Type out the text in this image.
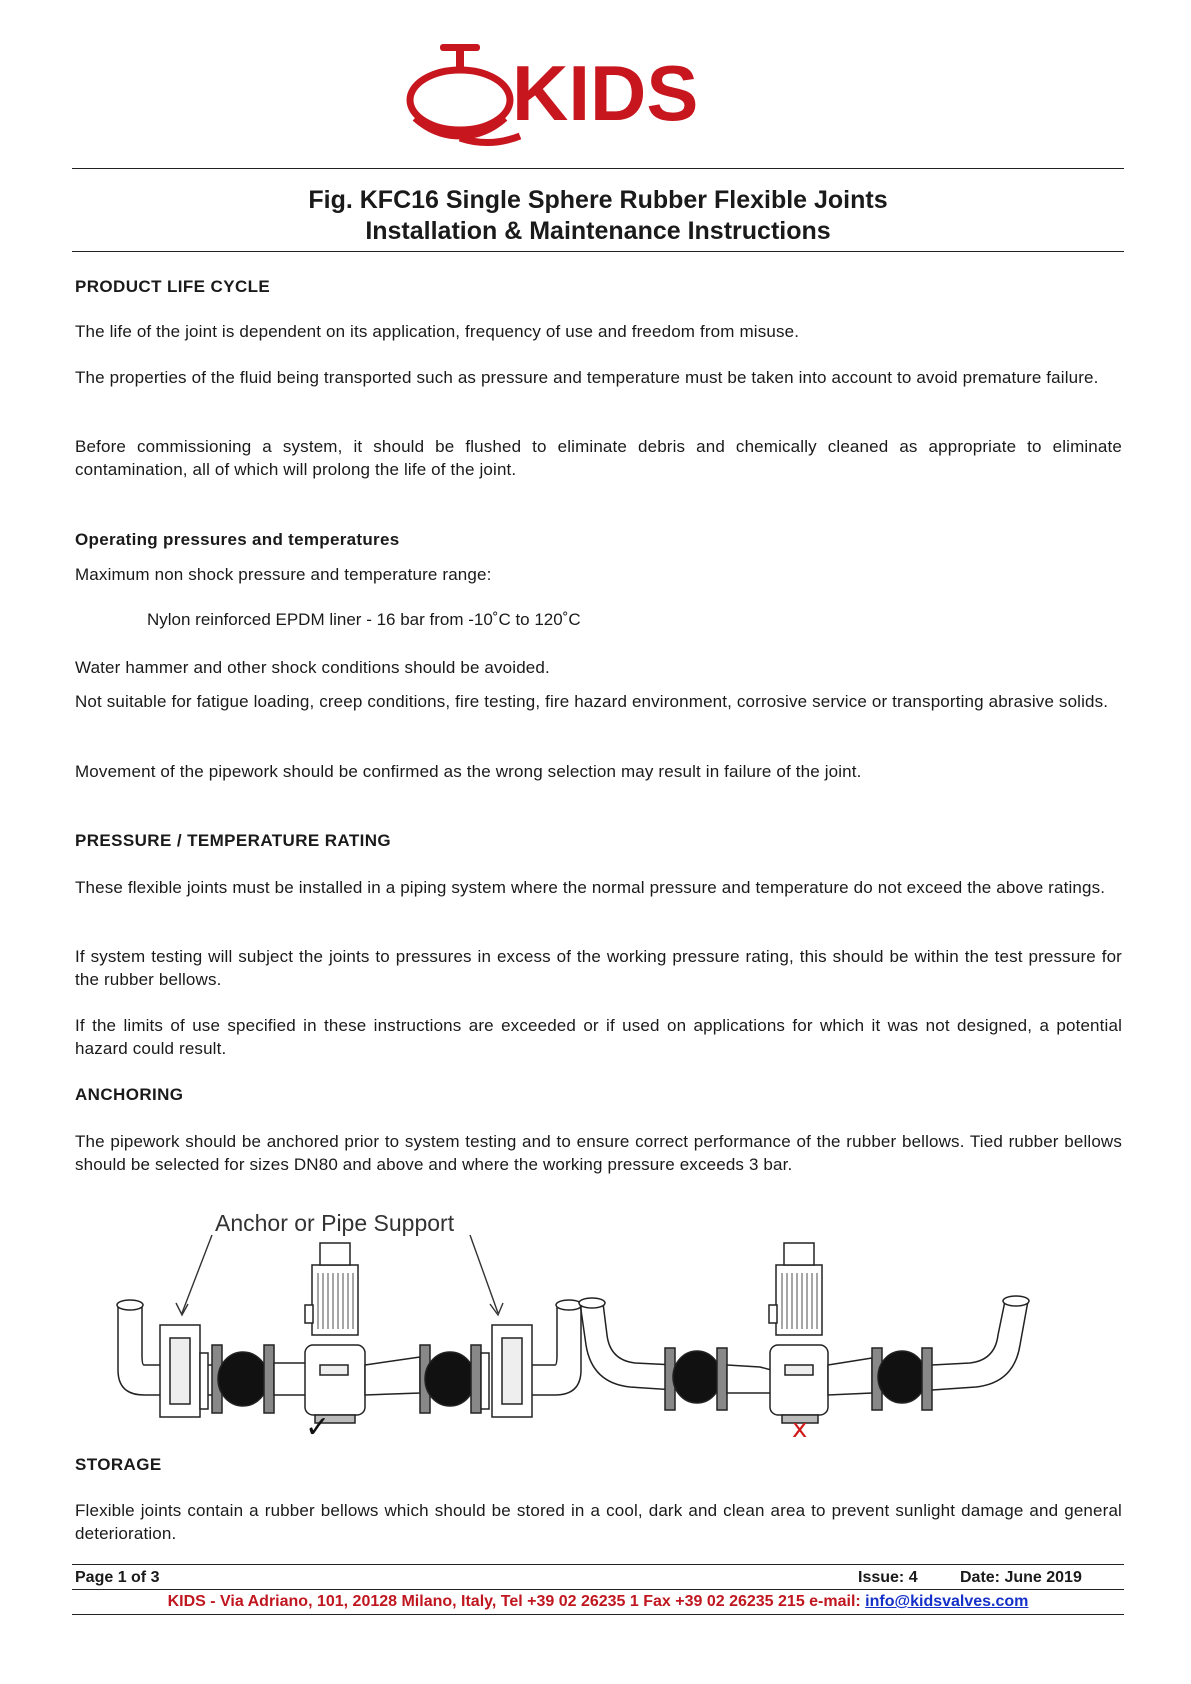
KIDS
Fig. KFC16 Single Sphere Rubber Flexible Joints
Installation & Maintenance Instructions
PRODUCT LIFE CYCLE
The life of the joint is dependent on its application, frequency of use and freedom from misuse.
The properties of the fluid being transported such as pressure and temperature must be taken into account to avoid premature failure.
Before commissioning a system, it should be flushed to eliminate debris and chemically cleaned as appropriate to eliminate contamination, all of which will prolong the life of the joint.
Operating pressures and temperatures
Maximum non shock pressure and temperature range:
Nylon reinforced EPDM liner - 16 bar from -10˚C to 120˚C
Water hammer and other shock conditions should be avoided.
Not suitable for fatigue loading, creep conditions, fire testing, fire hazard environment, corrosive service or transporting abrasive solids.
Movement of the pipework should be confirmed as the wrong selection may result in failure of the joint.
PRESSURE / TEMPERATURE RATING
These flexible joints must be installed in a piping system where the normal pressure and temperature do not exceed the above ratings.
If system testing will subject the joints to pressures in excess of the working pressure rating, this should be within the test pressure for the rubber bellows.
If the limits of use specified in these instructions are exceeded or if used on applications for which it was not designed, a potential hazard could result.
ANCHORING
The pipework should be anchored prior to system testing and to ensure correct performance of the rubber bellows. Tied rubber bellows should be selected for sizes DN80 and above and where the working pressure exceeds 3 bar.
Anchor or Pipe Support
✓	x
STORAGE
Flexible joints contain a rubber bellows which should be stored in a cool, dark and clean area to prevent sunlight damage and general deterioration.
Page 1 of 3	Issue: 4	Date: June 2019
KIDS - Via Adriano, 101, 20128 Milano, Italy, Tel +39 02 26235 1 Fax +39 02 26235 215 e-mail: info@kidsvalves.com
